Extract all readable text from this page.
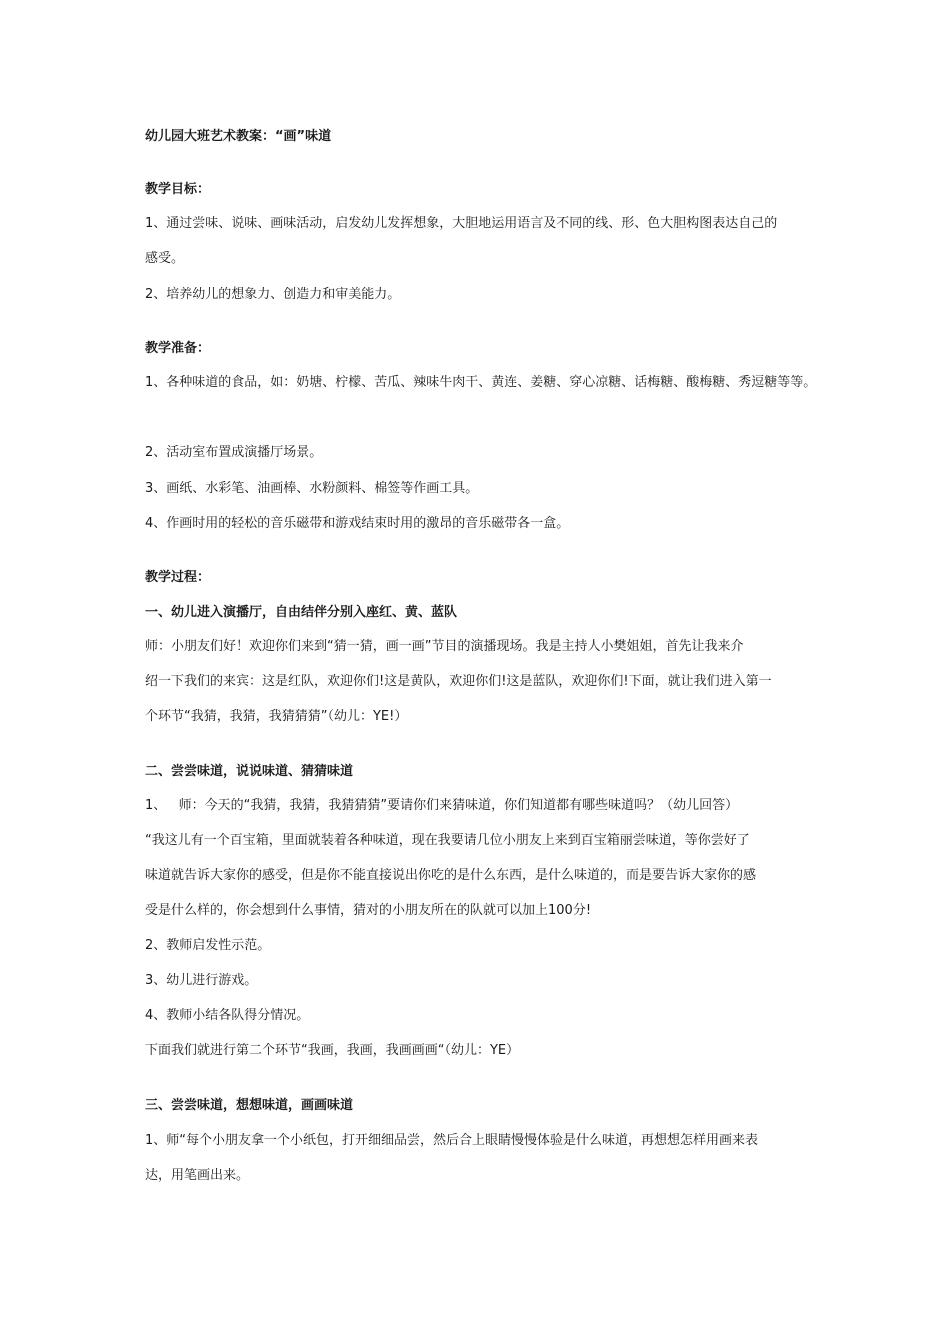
幼儿园大班艺术教案：“画”味道
教学目标：
1、通过尝味、说味、画味活动，启发幼儿发挥想象，大胆地运用语言及不同的线、形、色大胆构图表达自己的
感受。
2、培养幼儿的想象力、创造力和审美能力。
教学准备：
1、各种味道的食品，如：奶塘、柠檬、苦瓜、辣味牛肉干、黄连、姜糖、穿心凉糖、话梅糖、酸梅糖、秀逗糖等等。
2、活动室布置成演播厅场景。
3、画纸、水彩笔、油画棒、水粉颜料、棉签等作画工具。
4、作画时用的轻松的音乐磁带和游戏结束时用的激昂的音乐磁带各一盒。
教学过程：
一、幼儿进入演播厅，自由结伴分别入座红、黄、蓝队
师：小朋友们好！欢迎你们来到“猜一猜，画一画”节目的演播现场。我是主持人小樊姐姐，首先让我来介
绍一下我们的来宾：这是红队，欢迎你们!这是黄队，欢迎你们!这是蓝队，欢迎你们!下面，就让我们进入第一
个环节“我猜，我猜，我猜猜猜”（幼儿：YE!）
二、尝尝味道，说说味道、猜猜味道
1、   师：今天的“我猜，我猜，我猜猜猜”要请你们来猜味道，你们知道都有哪些味道吗？（幼儿回答）
“我这儿有一个百宝箱，里面就装着各种味道，现在我要请几位小朋友上来到百宝箱丽尝味道，等你尝好了
味道就告诉大家你的感受，但是你不能直接说出你吃的是什么东西，是什么味道的，而是要告诉大家你的感
受是什么样的，你会想到什么事情，猜对的小朋友所在的队就可以加上100分!
2、教师启发性示范。
3、幼儿进行游戏。
4、教师小结各队得分情况。
下面我们就进行第二个环节“我画，我画，我画画画“（幼儿：YE）
三、尝尝味道，想想味道，画画味道
1、师“每个小朋友拿一个小纸包，打开细细品尝，然后合上眼睛慢慢体验是什么味道，再想想怎样用画来表
达，用笔画出来。
